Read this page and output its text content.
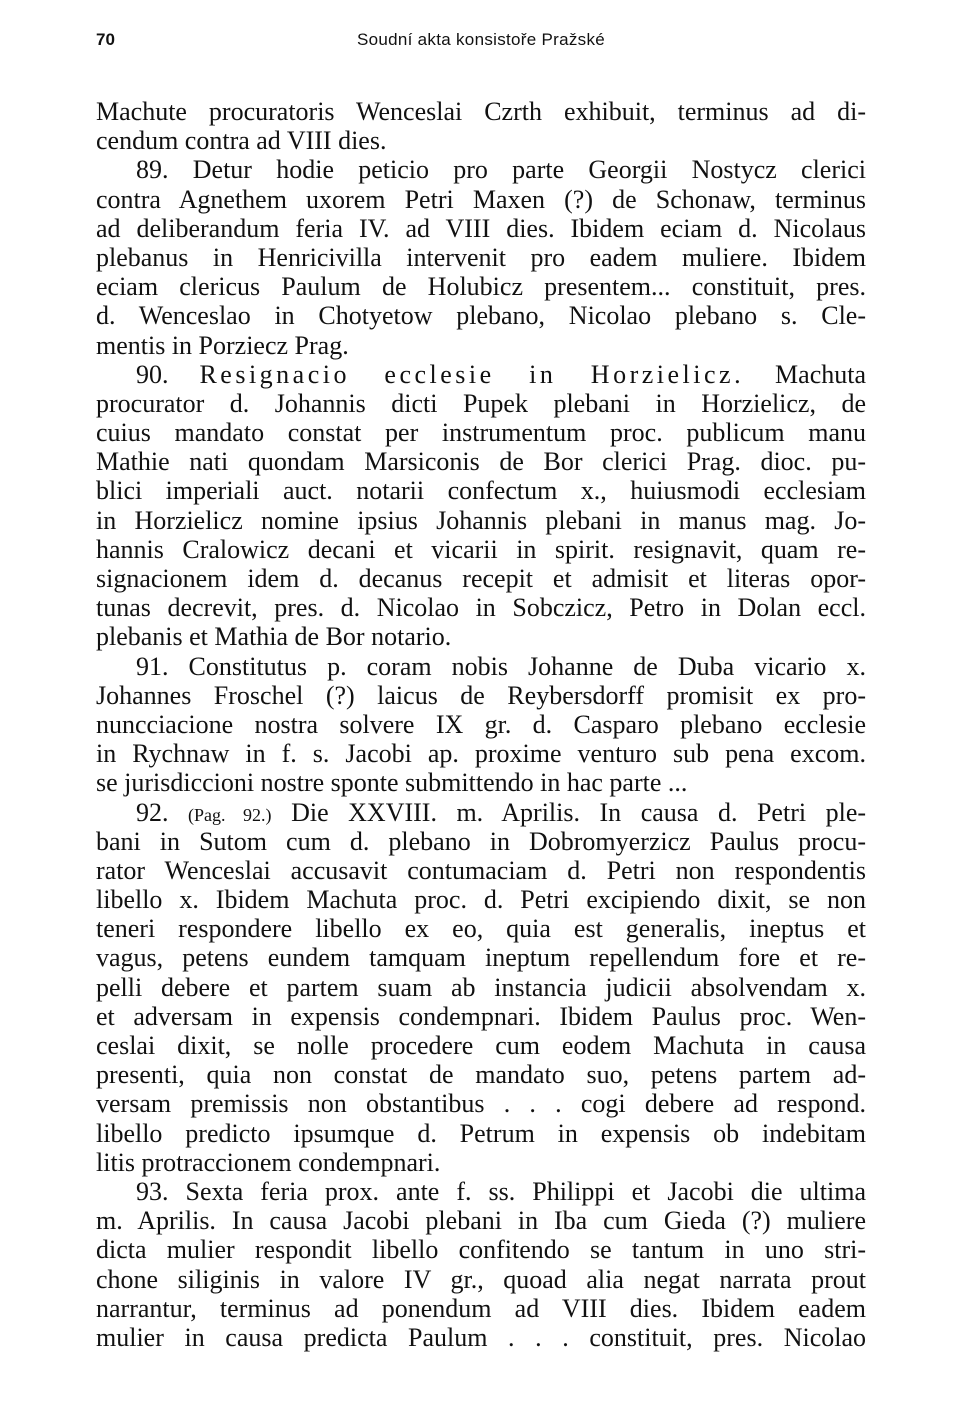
70	Soudní akta konsistoře Pražské
Machute procuratoris Wenceslai Czrth exhibuit, terminus ad di-
cendum contra ad VIII dies.
89. Detur hodie peticio pro parte Georgii Nostycz clerici
contra Agnethem uxorem Petri Maxen (?) de Schonaw, terminus
ad deliberandum feria IV. ad VIII dies. Ibidem eciam d. Nicolaus
plebanus in Henricivilla intervenit pro eadem muliere. Ibidem
eciam clericus Paulum de Holubicz presentem... constituit, pres.
d. Wenceslao in Chotyetow plebano, Nicolao plebano s. Cle-
mentis in Porziecz Prag.
90. Resignacio ecclesie in Horzielicz. Machuta
procurator d. Johannis dicti Pupek plebani in Horzielicz, de
cuius mandato constat per instrumentum proc. publicum manu
Mathie nati quondam Marsiconis de Bor clerici Prag. dioc. pu-
blici imperiali auct. notarii confectum x., huiusmodi ecclesiam
in Horzielicz nomine ipsius Johannis plebani in manus mag. Jo-
hannis Cralowicz decani et vicarii in spirit. resignavit, quam re-
signacionem idem d. decanus recepit et admisit et literas opor-
tunas decrevit, pres. d. Nicolao in Sobczicz, Petro in Dolan eccl.
plebanis et Mathia de Bor notario.
91. Constitutus p. coram nobis Johanne de Duba vicario x.
Johannes Froschel (?) laicus de Reybersdorff promisit ex pro-
nuncciacione nostra solvere IX gr. d. Casparo plebano ecclesie
in Rychnaw in f. s. Jacobi ap. proxime venturo sub pena excom.
se jurisdiccioni nostre sponte submittendo in hac parte ...
92. (Pag. 92.) Die XXVIII. m. Aprilis. In causa d. Petri ple-
bani in Sutom cum d. plebano in Dobromyerzicz Paulus procu-
rator Wenceslai accusavit contumaciam d. Petri non respondentis
libello x. Ibidem Machuta proc. d. Petri excipiendo dixit, se non
teneri respondere libello ex eo, quia est generalis, ineptus et
vagus, petens eundem tamquam ineptum repellendum fore et re-
pelli debere et partem suam ab instancia judicii absolvendam x.
et adversam in expensis condempnari. Ibidem Paulus proc. Wen-
ceslai dixit, se nolle procedere cum eodem Machuta in causa
presenti, quia non constat de mandato suo, petens partem ad-
versam premissis non obstantibus . . . cogi debere ad respond.
libello predicto ipsumque d. Petrum in expensis ob indebitam
litis protraccionem condempnari.
93. Sexta feria prox. ante f. ss. Philippi et Jacobi die ultima
m. Aprilis. In causa Jacobi plebani in Iba cum Gieda (?) muliere
dicta mulier respondit libello confitendo se tantum in uno stri-
chone siliginis in valore IV gr., quoad alia negat narrata prout
narrantur, terminus ad ponendum ad VIII dies. Ibidem eadem
mulier in causa predicta Paulum . . . constituit, pres. Nicolao
